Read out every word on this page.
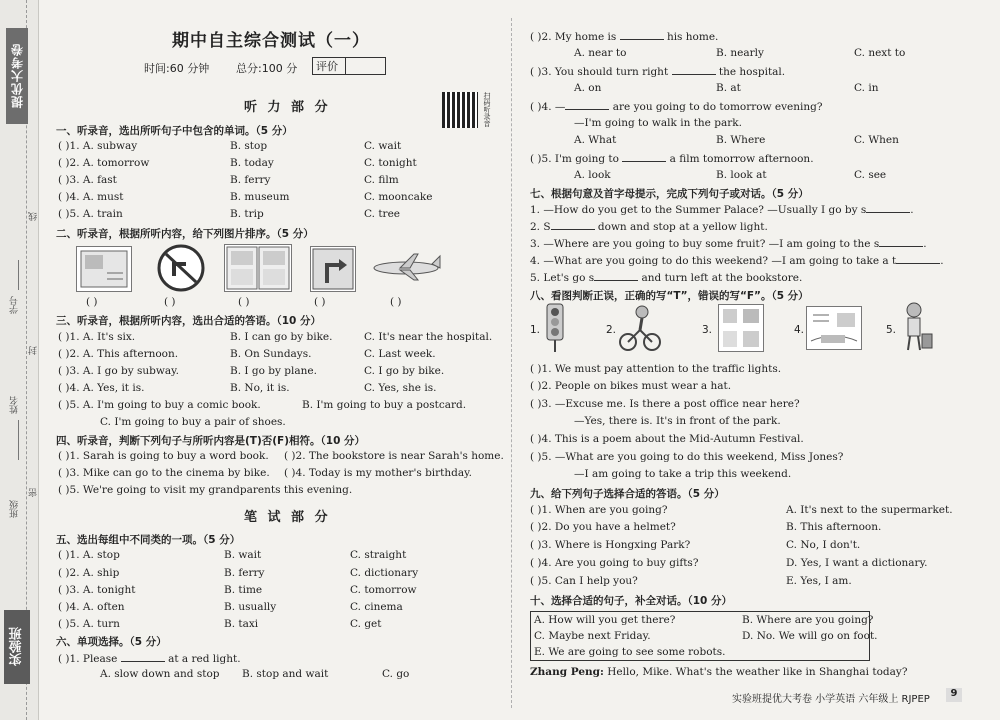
提优大考卷
学号
姓名
班级
线
封
密
实验班
期中自主综合测试（一）
时间:60 分钟 总分:100 分	评价
扫码听录音
听 力 部 分
一、听录音，选出所听句子中包含的单词。（5 分）
( )1. A. subway	B. stop	C. wait
( )2. A. tomorrow	B. today	C. tonight
( )3. A. fast	B. ferry	C. film
( )4. A. must	B. museum	C. mooncake
( )5. A. train	B. trip	C. tree
二、听录音，根据所听内容，给下列图片排序。（5 分）
( )	( )	( )	( )	( )
三、听录音，根据所听内容，选出合适的答语。（10 分）
( )1. A. It's six.	B. I can go by bike.	C. It's near the hospital.
( )2. A. This afternoon.	B. On Sundays.	C. Last week.
( )3. A. I go by subway.	B. I go by plane.	C. I go by bike.
( )4. A. Yes, it is.	B. No, it is.	C. Yes, she is.
( )5. A. I'm going to buy a comic book.	B. I'm going to buy a postcard.
C. I'm going to buy a pair of shoes.
四、听录音，判断下列句子与所听内容是(T)否(F)相符。（10 分）
( )1. Sarah is going to buy a word book. ( )2. The bookstore is near Sarah's home.
( )3. Mike can go to the cinema by bike. ( )4. Today is my mother's birthday.
( )5. We're going to visit my grandparents this evening.
笔 试 部 分
五、选出每组中不同类的一项。（5 分）
( )1. A. stop	B. wait	C. straight
( )2. A. ship	B. ferry	C. dictionary
( )3. A. tonight	B. time	C. tomorrow
( )4. A. often	B. usually	C. cinema
( )5. A. turn	B. taxi	C. get
六、单项选择。（5 分）
( )1. Please	at a red light.
A. slow down and stop B. stop and wait	C. go
( )2. My home is	his home.
A. near to	B. nearly	C. next to
( )3. You should turn right	the hospital.
A. on	B. at	C. in
( )4. —	are you going to do tomorrow evening?
—I'm going to walk in the park.
A. What	B. Where	C. When
( )5. I'm going to	a film tomorrow afternoon.
A. look	B. look at	C. see
七、根据句意及首字母提示，完成下列句子或对话。（5 分）
1. —How do you get to the Summer Palace? —Usually I go by s	.
2. S	down and stop at a yellow light.
3. —Where are you going to buy some fruit? —I am going to the s	.
4. —What are you going to do this weekend? —I am going to take a t	.
5. Let's go s	and turn left at the bookstore.
八、看图判断正误，正确的写“T”，错误的写“F”。（5 分）
1.	2.	3.	4.	5.
( )1. We must pay attention to the traffic lights.
( )2. People on bikes must wear a hat.
( )3. —Excuse me. Is there a post office near here?
—Yes, there is. It's in front of the park.
( )4. This is a poem about the Mid-Autumn Festival.
( )5. —What are you going to do this weekend, Miss Jones?
—I am going to take a trip this weekend.
九、给下列句子选择合适的答语。（5 分）
( )1. When are you going?	A. It's next to the supermarket.
( )2. Do you have a helmet?	B. This afternoon.
( )3. Where is Hongxing Park?	C. No, I don't.
( )4. Are you going to buy gifts?	D. Yes, I want a dictionary.
( )5. Can I help you?	E. Yes, I am.
十、选择合适的句子，补全对话。（10 分）
A. How will you get there?	B. Where are you going?
C. Maybe next Friday.	D. No. We will go on foot.
E. We are going to see some robots.
Zhang Peng: Hello, Mike. What's the weather like in Shanghai today?
实验班提优大考卷 小学英语 六年级上 RJPEP
9
